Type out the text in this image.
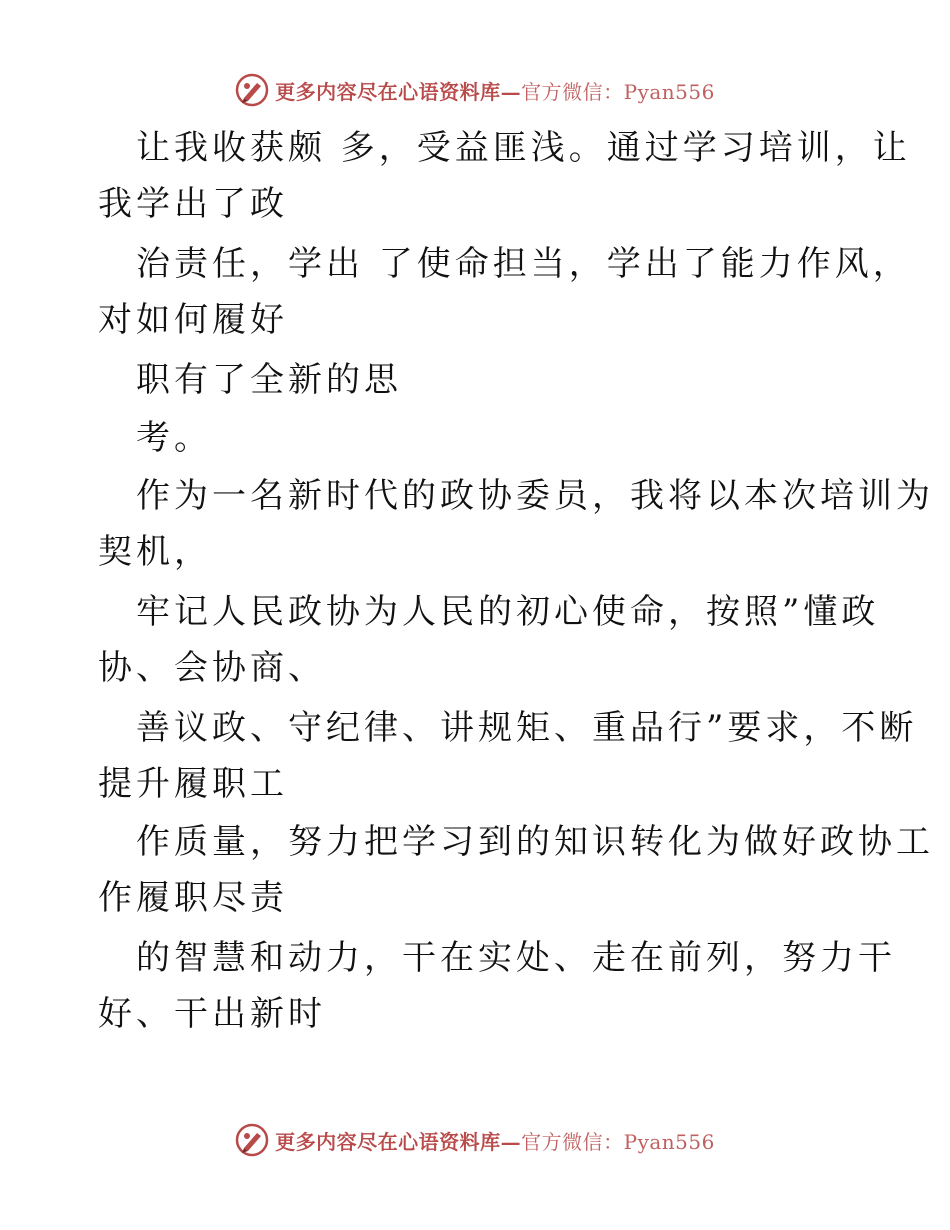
更多内容尽在心语资料库—官方微信：Pyan556
让我收获颇 多，受益匪浅。通过学习培训，让
我学出了政
治责任，学出 了使命担当，学出了能力作风，
对如何履好
职有了全新的思
考。
作为一名新时代的政协委员，我将以本次培训为
契机，
牢记人民政协为人民的初心使命，按照”懂政
协、会协商、
善议政、守纪律、讲规矩、重品行”要求，不断
提升履职工
作质量，努力把学习到的知识转化为做好政协工
作履职尽责
的智慧和动力，干在实处、走在前列，努力干
好、干出新时
更多内容尽在心语资料库—官方微信：Pyan556
